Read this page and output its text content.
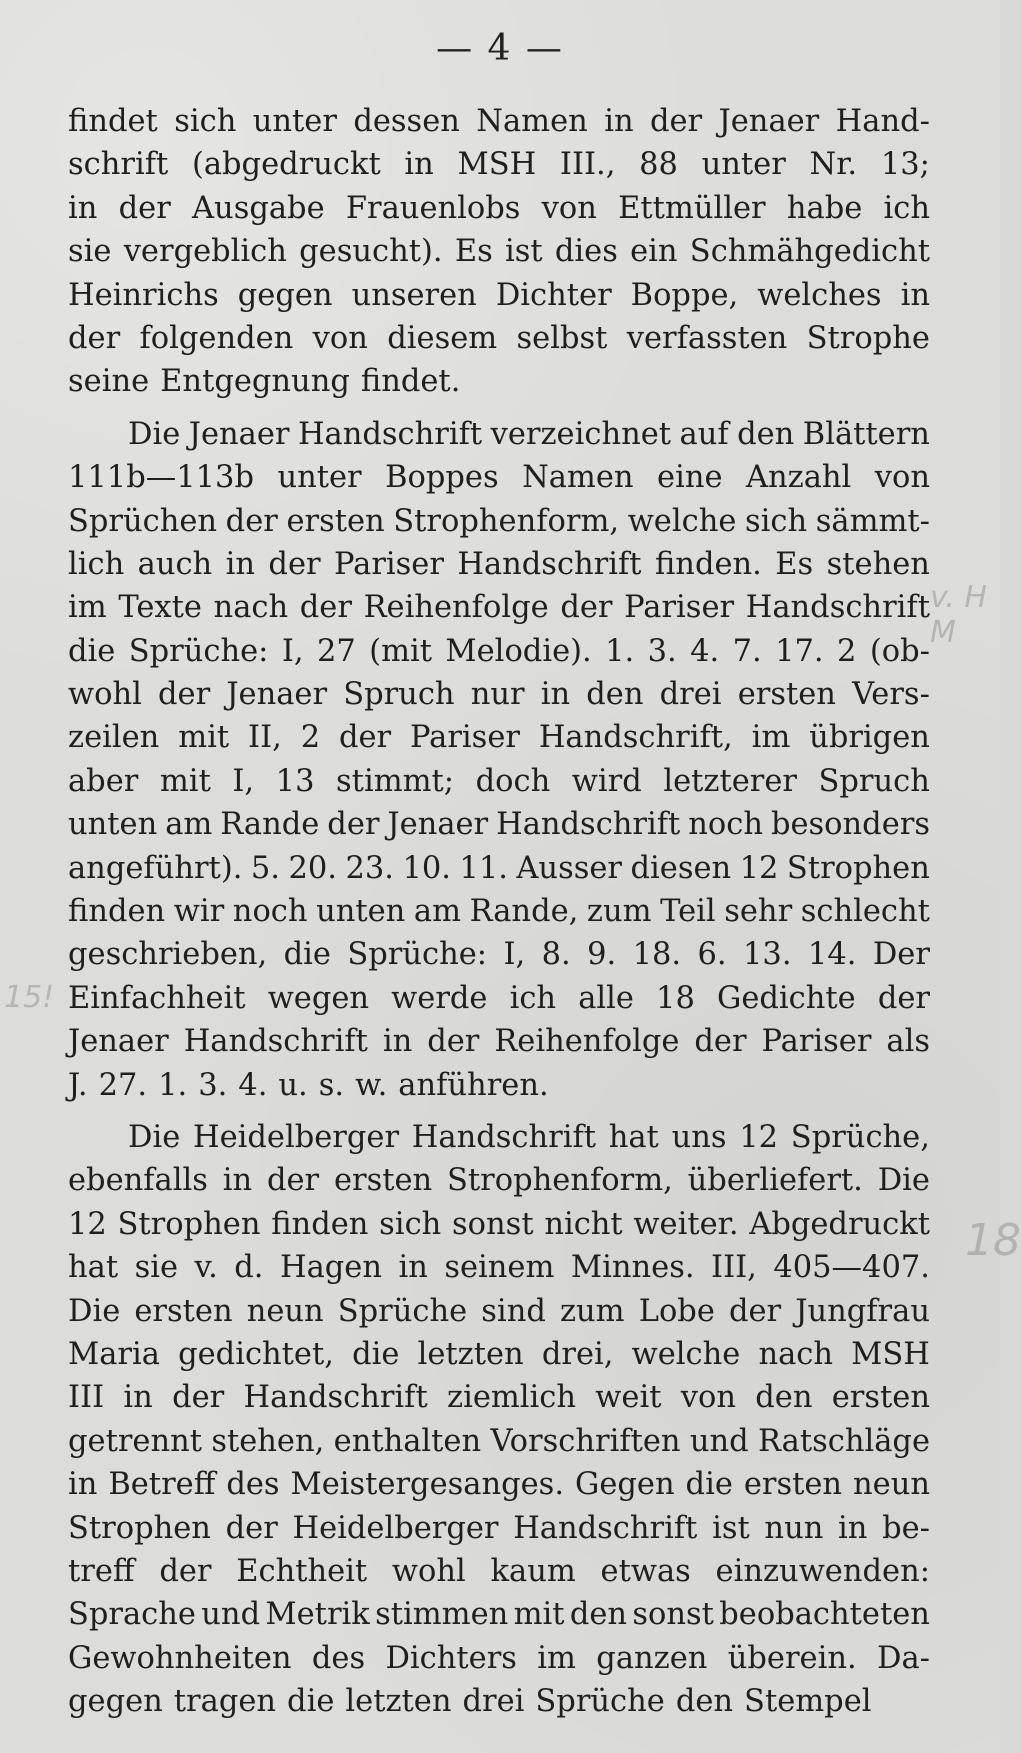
— 4 —
findet sich unter dessen Namen in der Jenaer Hand-
schrift (abgedruckt in MSH III., 88 unter Nr. 13;
in der Ausgabe Frauenlobs von Ettmüller habe ich
sie vergeblich gesucht). Es ist dies ein Schmähgedicht
Heinrichs gegen unseren Dichter Boppe, welches in
der folgenden von diesem selbst verfassten Strophe
seine Entgegnung findet.
Die Jenaer Handschrift verzeichnet auf den Blättern
111b—113b unter Boppes Namen eine Anzahl von
Sprüchen der ersten Strophenform, welche sich sämmt-
lich auch in der Pariser Handschrift finden. Es stehen
im Texte nach der Reihenfolge der Pariser Handschrift
die Sprüche: I, 27 (mit Melodie). 1. 3. 4. 7. 17. 2 (ob-
wohl der Jenaer Spruch nur in den drei ersten Vers-
zeilen mit II, 2 der Pariser Handschrift, im übrigen
aber mit I, 13 stimmt; doch wird letzterer Spruch
unten am Rande der Jenaer Handschrift noch besonders
angeführt). 5. 20. 23. 10. 11. Ausser diesen 12 Strophen
finden wir noch unten am Rande, zum Teil sehr schlecht
geschrieben, die Sprüche: I, 8. 9. 18. 6. 13. 14. Der
Einfachheit wegen werde ich alle 18 Gedichte der
Jenaer Handschrift in der Reihenfolge der Pariser als
J. 27. 1. 3. 4. u. s. w. anführen.
Die Heidelberger Handschrift hat uns 12 Sprüche,
ebenfalls in der ersten Strophenform, überliefert. Die
12 Strophen finden sich sonst nicht weiter. Abgedruckt
hat sie v. d. Hagen in seinem Minnes. III, 405—407.
Die ersten neun Sprüche sind zum Lobe der Jungfrau
Maria gedichtet, die letzten drei, welche nach MSH
III in der Handschrift ziemlich weit von den ersten
getrennt stehen, enthalten Vorschriften und Ratschläge
in Betreff des Meistergesanges. Gegen die ersten neun
Strophen der Heidelberger Handschrift ist nun in be-
treff der Echtheit wohl kaum etwas einzuwenden:
Sprache und Metrik stimmen mit den sonst beobachteten
Gewohnheiten des Dichters im ganzen überein. Da-
gegen tragen die letzten drei Sprüche den Stempel
v. H M
15!
18
